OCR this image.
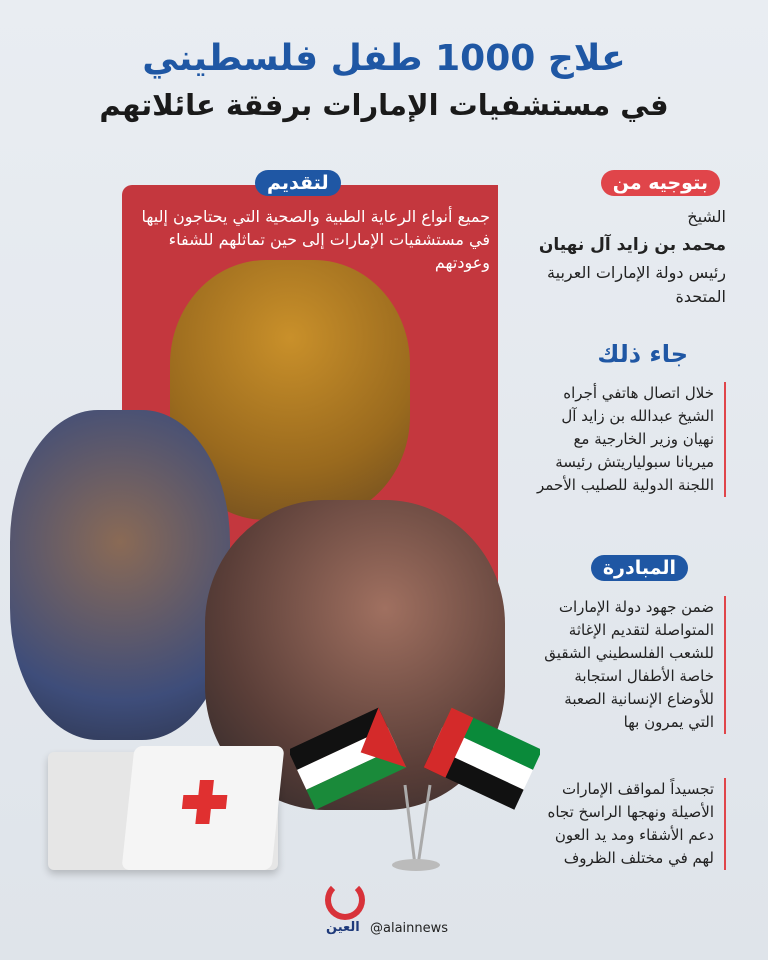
علاج 1000 طفل فلسطيني
في مستشفيات الإمارات برفقة عائلاتهم
بتوجيه من
الشيخ
محمد بن زايد آل نهيان
رئيس دولة الإمارات العربية المتحدة
جاء ذلك
خلال اتصال هاتفي أجراه الشيخ عبدالله بن زايد آل نهيان وزير الخارجية مع ميريانا سبولياريتش رئيسة اللجنة الدولية للصليب الأحمر
لتقديم
جميع أنواع الرعاية الطبية والصحية التي يحتاجون إليها في مستشفيات الإمارات إلى حين تماثلهم للشفاء وعودتهم
المبادرة
ضمن جهود دولة الإمارات المتواصلة لتقديم الإغاثة للشعب الفلسطيني الشقيق خاصة الأطفال استجابة للأوضاع الإنسانية الصعبة التي يمرون بها
تجسيداً لمواقف الإمارات الأصيلة ونهجها الراسخ تجاه دعم الأشقاء ومد يد العون لهم في مختلف الظروف
العين @alainnews
